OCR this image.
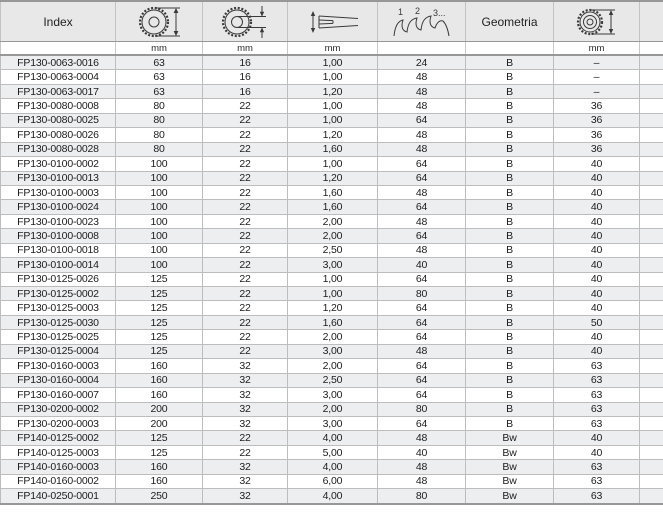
Index				1 2 3...	Geometria	

	mm	mm	mm			mm	
FP130-0063-0016	63	16	1,00	24	B	–	
FP130-0063-0004	63	16	1,00	48	B	–	
FP130-0063-0017	63	16	1,20	48	B	–	
FP130-0080-0008	80	22	1,00	48	B	36	
FP130-0080-0025	80	22	1,00	64	B	36	
FP130-0080-0026	80	22	1,20	48	B	36	
FP130-0080-0028	80	22	1,60	48	B	36	
FP130-0100-0002	100	22	1,00	64	B	40	
FP130-0100-0013	100	22	1,20	64	B	40	
FP130-0100-0003	100	22	1,60	48	B	40	
FP130-0100-0024	100	22	1,60	64	B	40	
FP130-0100-0023	100	22	2,00	48	B	40	
FP130-0100-0008	100	22	2,00	64	B	40	
FP130-0100-0018	100	22	2,50	48	B	40	
FP130-0100-0014	100	22	3,00	40	B	40	
FP130-0125-0026	125	22	1,00	64	B	40	
FP130-0125-0002	125	22	1,00	80	B	40	
FP130-0125-0003	125	22	1,20	64	B	40	
FP130-0125-0030	125	22	1,60	64	B	50	
FP130-0125-0025	125	22	2,00	64	B	40	
FP130-0125-0004	125	22	3,00	48	B	40	
FP130-0160-0003	160	32	2,00	64	B	63	
FP130-0160-0004	160	32	2,50	64	B	63	
FP130-0160-0007	160	32	3,00	64	B	63	
FP130-0200-0002	200	32	2,00	80	B	63	
FP130-0200-0003	200	32	3,00	64	B	63	
FP140-0125-0002	125	22	4,00	48	Bw	40	
FP140-0125-0003	125	22	5,00	40	Bw	40	
FP140-0160-0003	160	32	4,00	48	Bw	63	
FP140-0160-0002	160	32	6,00	48	Bw	63	
FP140-0250-0001	250	32	4,00	80	Bw	63	
